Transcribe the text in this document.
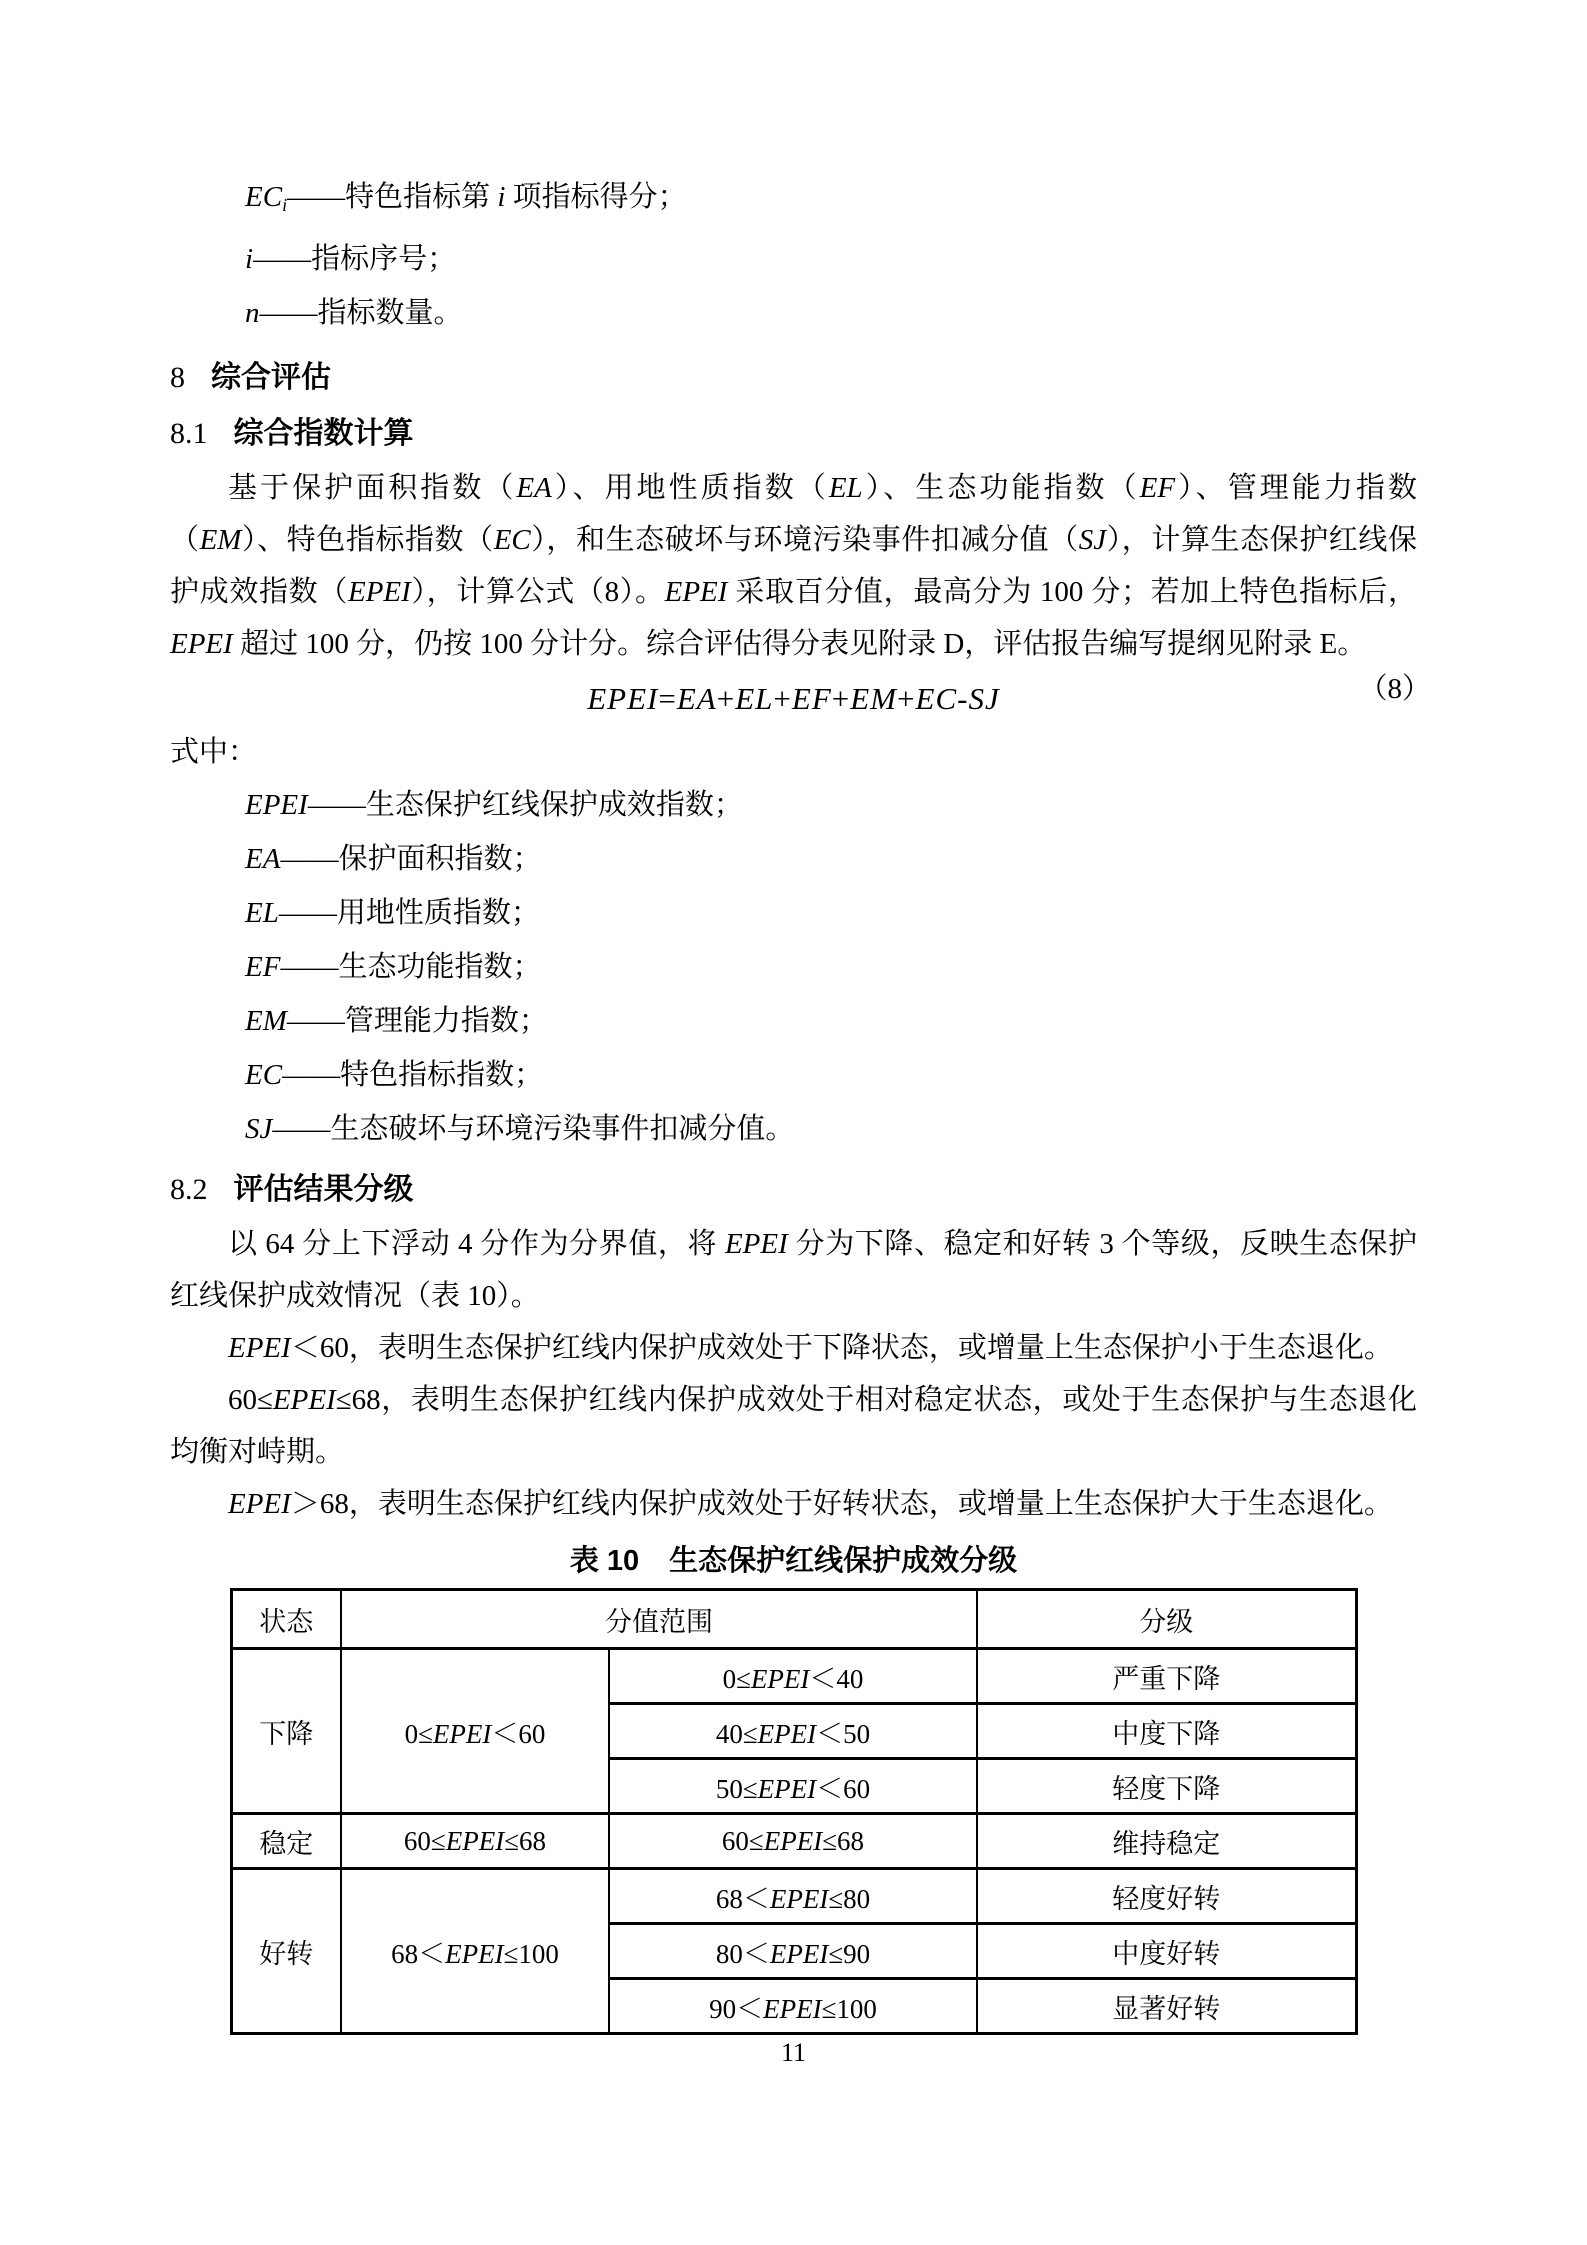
$EC_i——$特色指标第 i 项指标得分；
i——指标序号；
n——指标数量。
8 综合评估
8.1 综合指数计算
基于保护面积指数（EA）、用地性质指数（EL）、生态功能指数（EF）、管理能力指数（EM）、特色指标指数（EC），和生态破坏与环境污染事件扣减分值（SJ），计算生态保护红线保护成效指数（EPEI），计算公式（8）。EPEI 采取百分值，最高分为 100 分；若加上特色指标后，EPEI 超过 100 分，仍按 100 分计分。综合评估得分表见附录 D，评估报告编写提纲见附录 E。
EPEI=EA+EL+EF+EM+EC-SJ	（8）
式中：
EPEI——生态保护红线保护成效指数；
EA——保护面积指数；
EL——用地性质指数；
EF——生态功能指数；
EM——管理能力指数；
EC——特色指标指数；
SJ——生态破坏与环境污染事件扣减分值。
8.2 评估结果分级
以 64 分上下浮动 4 分作为分界值，将 EPEI 分为下降、稳定和好转 3 个等级，反映生态保护红线保护成效情况（表 10）。
EPEI＜60，表明生态保护红线内保护成效处于下降状态，或增量上生态保护小于生态退化。
60≤EPEI≤68，表明生态保护红线内保护成效处于相对稳定状态，或处于生态保护与生态退化均衡对峙期。
EPEI＞68，表明生态保护红线内保护成效处于好转状态，或增量上生态保护大于生态退化。
表 10 生态保护红线保护成效分级
状态	分值范围		分级
下降	0≤EPEI＜60	0≤EPEI＜40	严重下降
		40≤EPEI＜50	中度下降
		50≤EPEI＜60	轻度下降
稳定	60≤EPEI≤68	60≤EPEI≤68	维持稳定
好转	68＜EPEI≤100	68＜EPEI≤80	轻度好转
		80＜EPEI≤90	中度好转
		90＜EPEI≤100	显著好转
11
